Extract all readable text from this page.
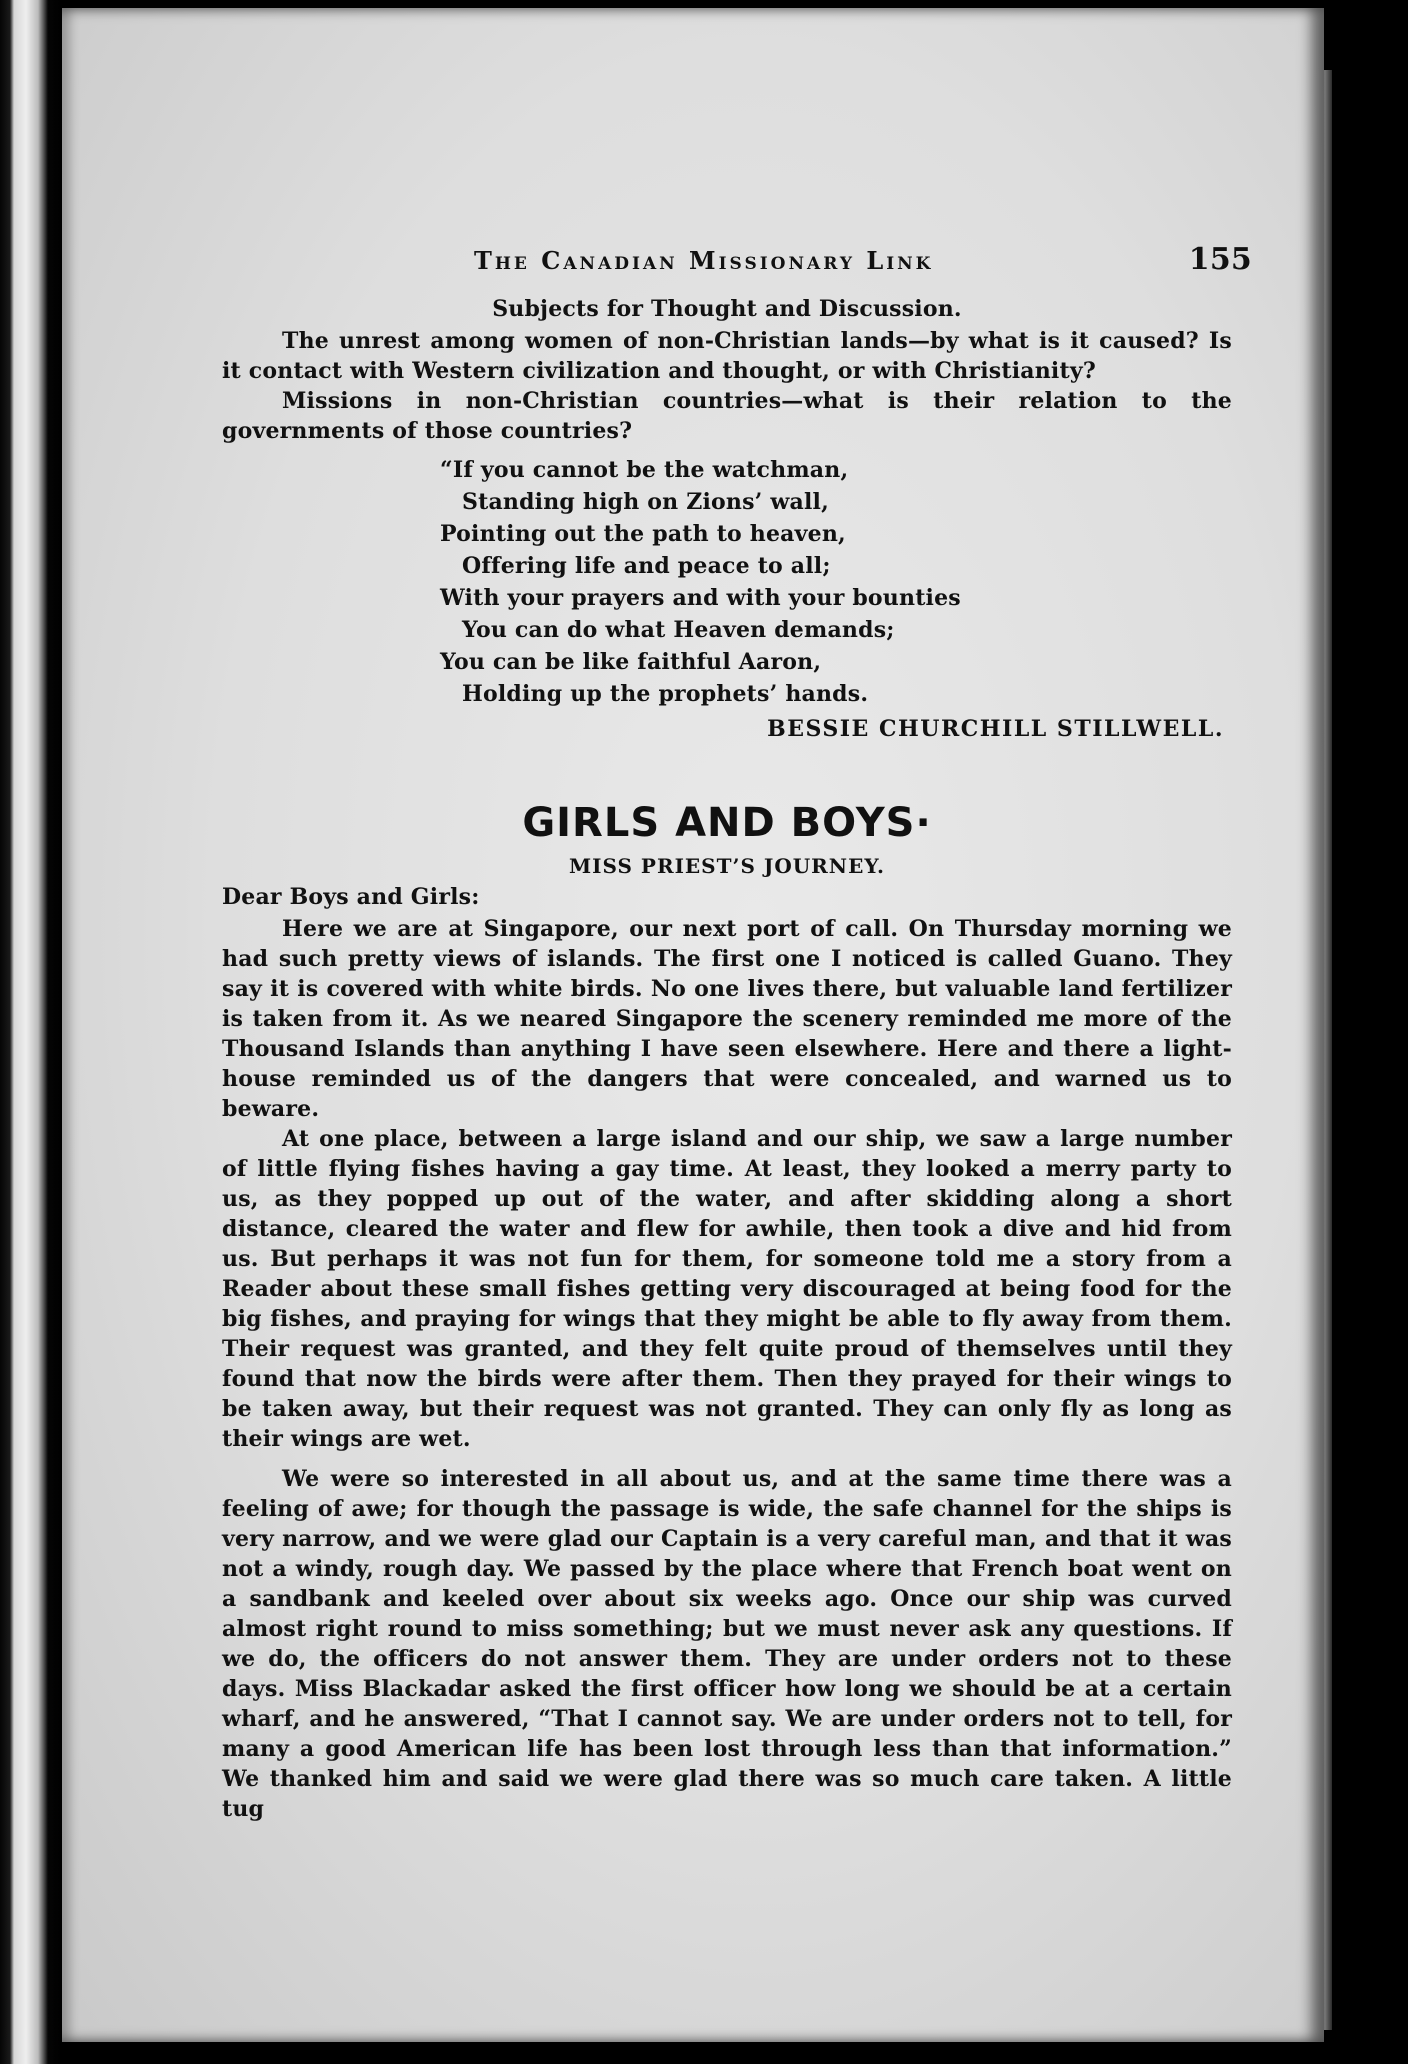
The Canadian Missionary Link	155
Subjects for Thought and Discussion.

The unrest among women of non-Christian lands—by what is it caused? Is it contact with Western civilization and thought, or with Christianity?

Missions in non-Christian countries—what is their relation to the governments of those countries?

“If you cannot be the watchman,
Standing high on Zions’ wall,
Pointing out the path to heaven,
Offering life and peace to all;
With your prayers and with your bounties
You can do what Heaven demands;
You can be like faithful Aaron,
Holding up the prophets’ hands.
BESSIE CHURCHILL STILLWELL.
GIRLS AND BOYS·
MISS PRIEST’S JOURNEY.
Dear Boys and Girls:

Here we are at Singapore, our next port of call. On Thursday morning we had such pretty views of islands. The first one I noticed is called Guano. They say it is covered with white birds. No one lives there, but valuable land fertilizer is taken from it. As we neared Singapore the scenery reminded me more of the Thousand Islands than anything I have seen elsewhere. Here and there a light-house reminded us of the dangers that were concealed, and warned us to beware.

At one place, between a large island and our ship, we saw a large number of little flying fishes having a gay time. At least, they looked a merry party to us, as they popped up out of the water, and after skidding along a short distance, cleared the water and flew for awhile, then took a dive and hid from us. But perhaps it was not fun for them, for someone told me a story from a Reader about these small fishes getting very discouraged at being food for the big fishes, and praying for wings that they might be able to fly away from them. Their request was granted, and they felt quite proud of themselves until they found that now the birds were after them. Then they prayed for their wings to be taken away, but their request was not granted. They can only fly as long as their wings are wet.

We were so interested in all about us, and at the same time there was a feeling of awe; for though the passage is wide, the safe channel for the ships is very narrow, and we were glad our Captain is a very careful man, and that it was not a windy, rough day. We passed by the place where that French boat went on a sandbank and keeled over about six weeks ago. Once our ship was curved almost right round to miss something; but we must never ask any questions. If we do, the officers do not answer them. They are under orders not to these days. Miss Blackadar asked the first officer how long we should be at a certain wharf, and he answered, “That I cannot say. We are under orders not to tell, for many a good American life has been lost through less than that information.” We thanked him and said we were glad there was so much care taken. A little tug
